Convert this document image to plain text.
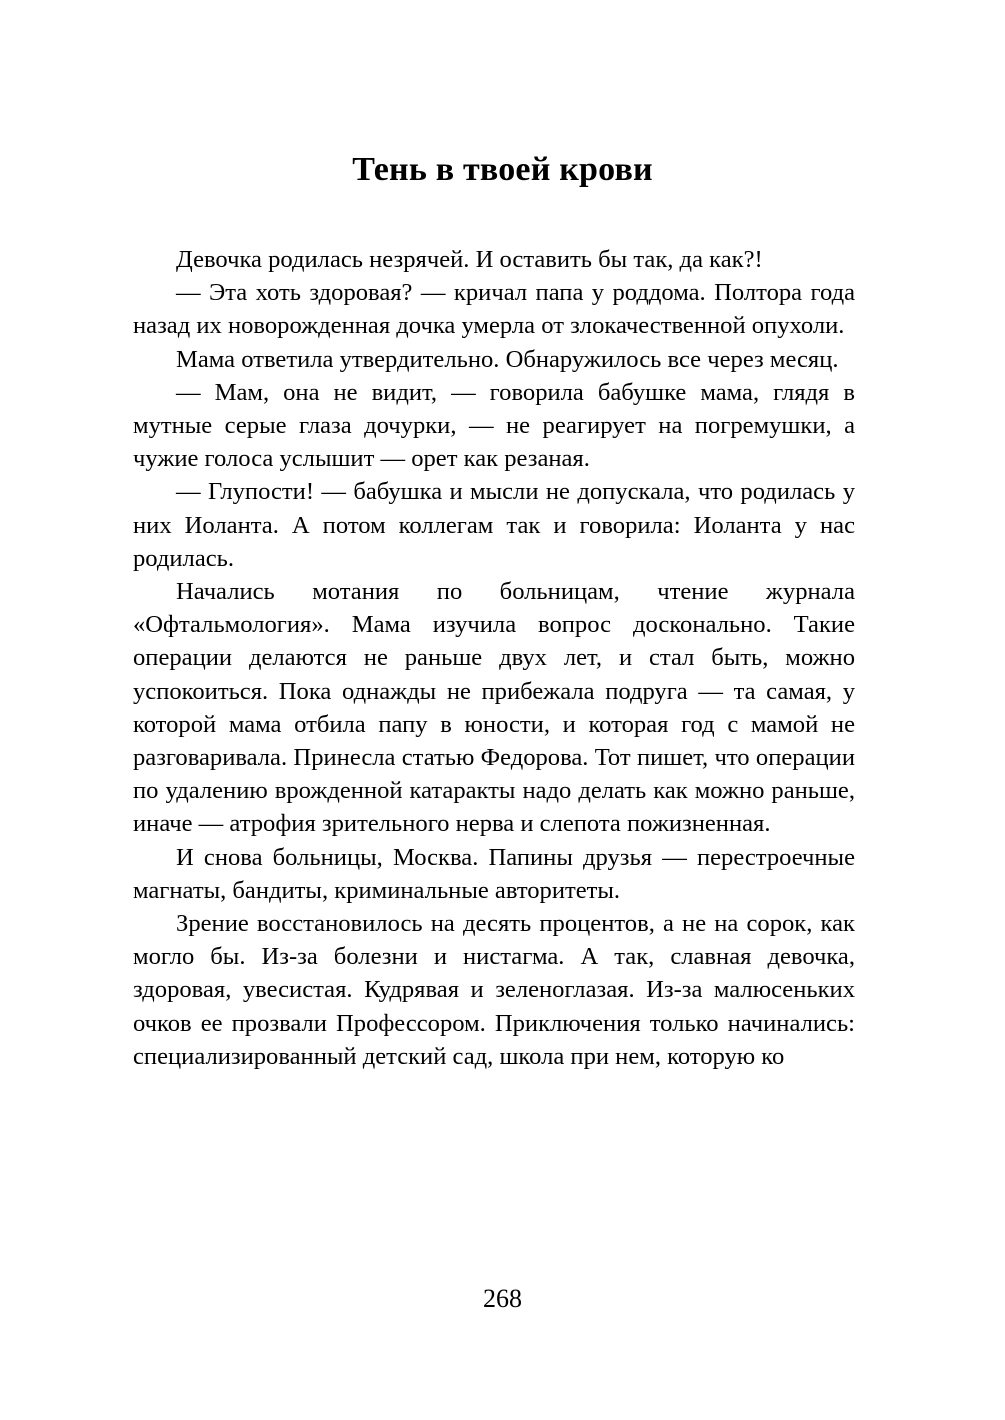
Тень в твоей крови

Девочка родилась незрячей. И оставить бы так, да как?!

— Эта хоть здоровая? — кричал папа у роддома. Полтора года назад их новорожденная дочка умерла от злокачественной опухоли.

Мама ответила утвердительно. Обнаружилось все через месяц.

— Мам, она не видит, — говорила бабушке мама, глядя в мутные серые глаза дочурки, — не реагирует на погремушки, а чужие голоса услышит — орет как резаная.

— Глупости! — бабушка и мысли не допускала, что родилась у них Иоланта. А потом коллегам так и говорила: Иоланта у нас родилась.

Начались мотания по больницам, чтение журнала «Офтальмология». Мама изучила вопрос досконально. Такие операции делаются не раньше двух лет, и стал быть, можно успокоиться. Пока однажды не прибежала подруга — та самая, у которой мама отбила папу в юности, и которая год с мамой не разговаривала. Принесла статью Федорова. Тот пишет, что операции по удалению врожденной катаракты надо делать как можно раньше, иначе — атрофия зрительного нерва и слепота пожизненная.

И снова больницы, Москва. Папины друзья — перестроечные магнаты, бандиты, криминальные авторитеты.

Зрение восстановилось на десять процентов, а не на сорок, как могло бы. Из-за болезни и нистагма. А так, славная девочка, здоровая, увесистая. Кудрявая и зеленоглазая. Из-за малюсеньких очков ее прозвали Профессором. Приключения только начинались: специализированный детский сад, школа при нем, которую ко

268
